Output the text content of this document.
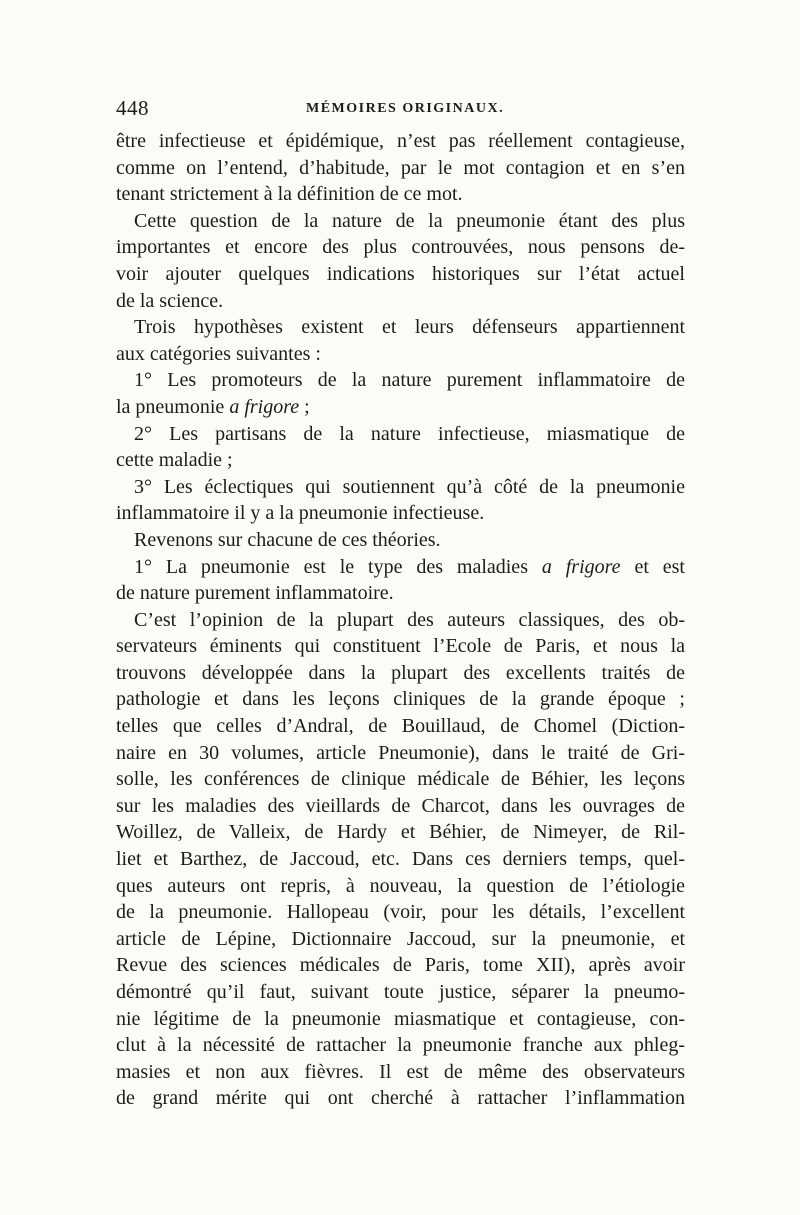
448	MÉMOIRES ORIGINAUX.
être infectieuse et épidémique, n’est pas réellement contagieuse,
comme on l’entend, d’habitude, par le mot contagion et en s’en
tenant strictement à la définition de ce mot.
Cette question de la nature de la pneumonie étant des plus
importantes et encore des plus controuvées, nous pensons de-
voir ajouter quelques indications historiques sur l’état actuel
de la science.
Trois hypothèses existent et leurs défenseurs appartiennent
aux catégories suivantes :
1° Les promoteurs de la nature purement inflammatoire de
la pneumonie a frigore ;
2° Les partisans de la nature infectieuse, miasmatique de
cette maladie ;
3° Les éclectiques qui soutiennent qu’à côté de la pneumonie
inflammatoire il y a la pneumonie infectieuse.
Revenons sur chacune de ces théories.
1° La pneumonie est le type des maladies a frigore et est
de nature purement inflammatoire.
C’est l’opinion de la plupart des auteurs classiques, des ob-
servateurs éminents qui constituent l’Ecole de Paris, et nous la
trouvons développée dans la plupart des excellents traités de
pathologie et dans les leçons cliniques de la grande époque ;
telles que celles d’Andral, de Bouillaud, de Chomel (Diction-
naire en 30 volumes, article Pneumonie), dans le traité de Gri-
solle, les conférences de clinique médicale de Béhier, les leçons
sur les maladies des vieillards de Charcot, dans les ouvrages de
Woillez, de Valleix, de Hardy et Béhier, de Nimeyer, de Ril-
liet et Barthez, de Jaccoud, etc. Dans ces derniers temps, quel-
ques auteurs ont repris, à nouveau, la question de l’étiologie
de la pneumonie. Hallopeau (voir, pour les détails, l’excellent
article de Lépine, Dictionnaire Jaccoud, sur la pneumonie, et
Revue des sciences médicales de Paris, tome XII), après avoir
démontré qu’il faut, suivant toute justice, séparer la pneumo-
nie légitime de la pneumonie miasmatique et contagieuse, con-
clut à la nécessité de rattacher la pneumonie franche aux phleg-
masies et non aux fièvres. Il est de même des observateurs
de grand mérite qui ont cherché à rattacher l’inflammation
